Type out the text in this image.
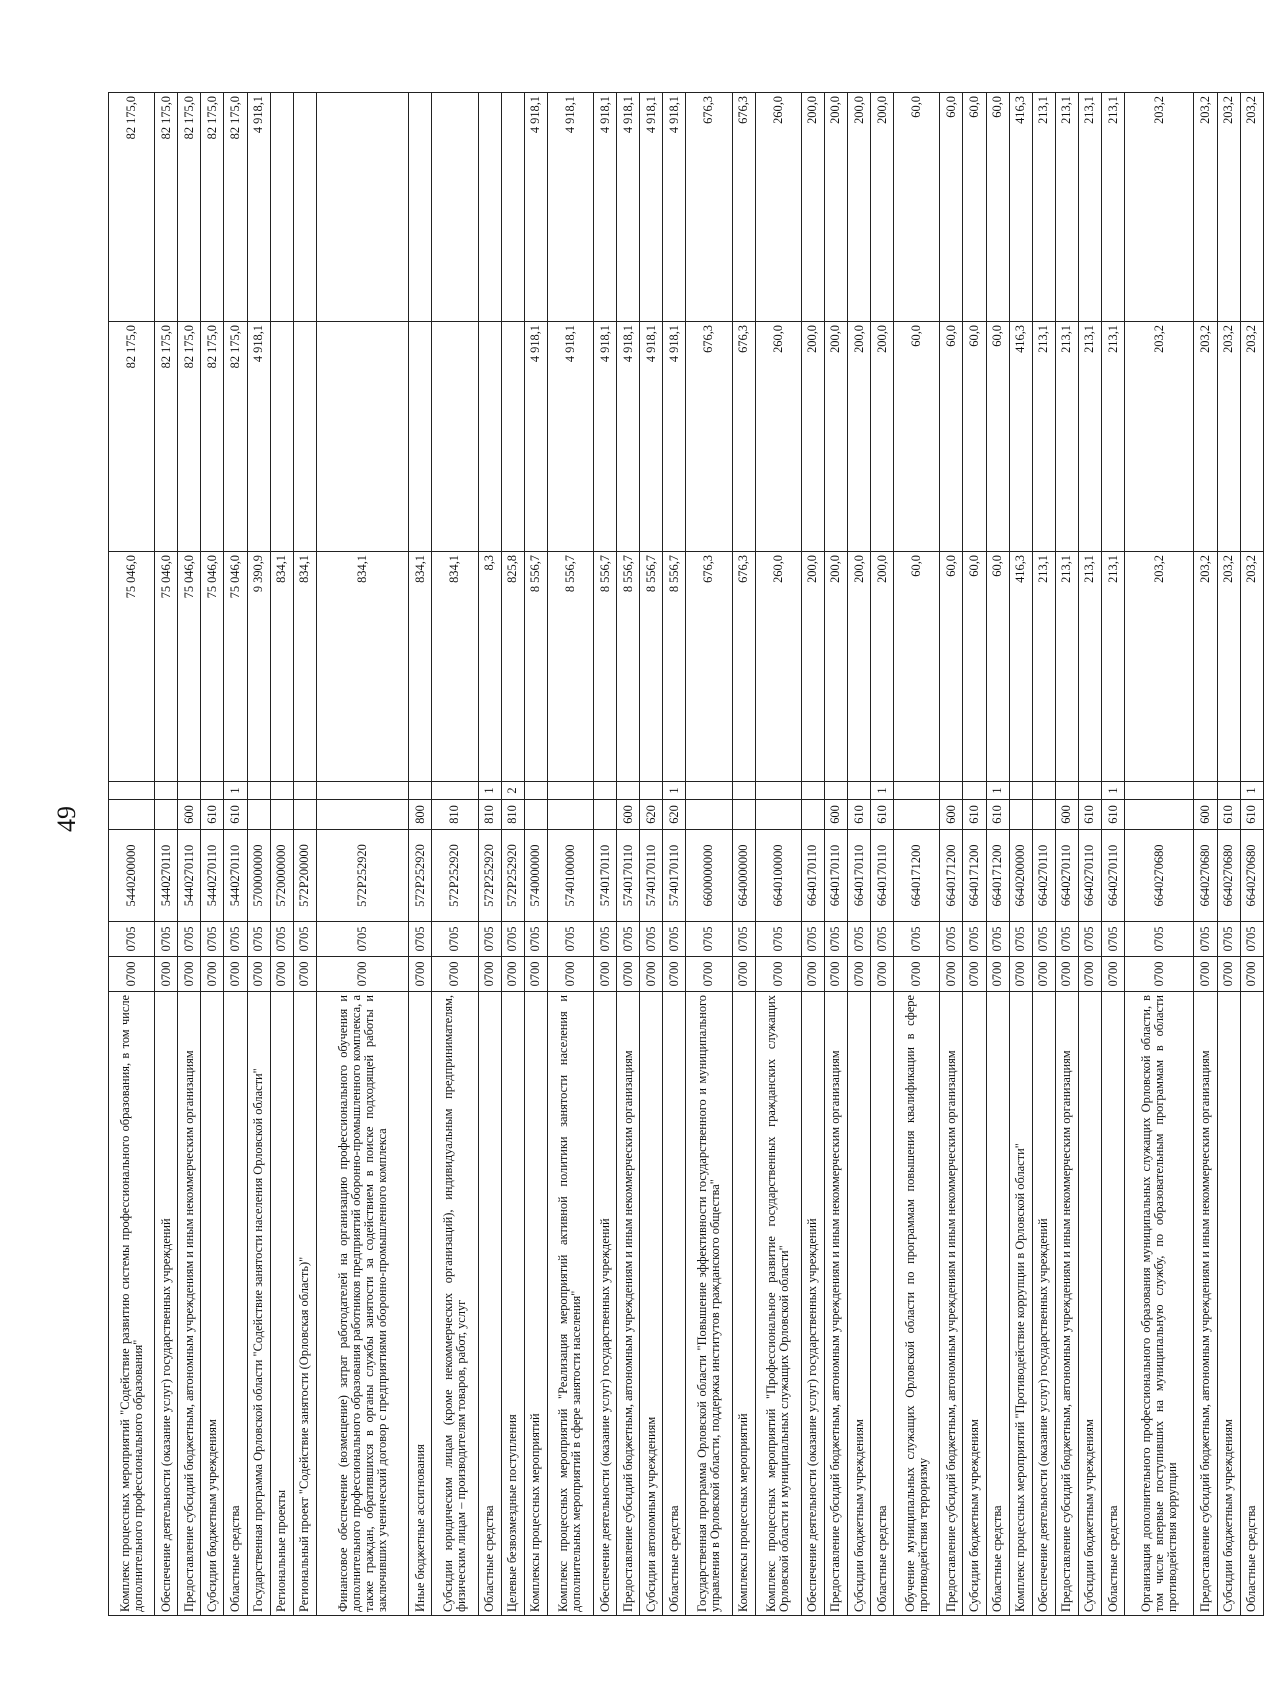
49
Комплекс процессных мероприятий "Содействие развитию системы профессионального образования, в том числе дополнительного профессионального образования"	0700	0705	5440200000			75 046,0	82 175,0	82 175,0
Обеспечение деятельности (оказание услуг) государственных учреждений	0700	0705	5440270110			75 046,0	82 175,0	82 175,0
Предоставление субсидий бюджетным, автономным учреждениям и иным некоммерческим организациям	0700	0705	5440270110	600		75 046,0	82 175,0	82 175,0
Субсидии бюджетным учреждениям	0700	0705	5440270110	610		75 046,0	82 175,0	82 175,0
Областные средства	0700	0705	5440270110	610	1	75 046,0	82 175,0	82 175,0
Государственная программа Орловской области "Содействие занятости населения Орловской области"	0700	0705	5700000000			9 390,9	4 918,1	4 918,1
Региональные проекты	0700	0705	5720000000			834,1		
Региональный проект "Содействие занятости (Орловская область)"	0700	0705	572P200000			834,1		
Финансовое обеспечение (возмещение) затрат работодателей на организацию профессионального обучения и дополнительного профессионального образования работников предприятий оборонно-промышленного комплекса, а также граждан, обратившихся в органы службы занятости за содействием в поиске подходящей работы и заключивших ученический договор с предприятиями оборонно-промышленного комплекса	0700	0705	572P252920			834,1		
Иные бюджетные ассигнования	0700	0705	572P252920	800		834,1		
Субсидии юридическим лицам (кроме некоммерческих организаций), индивидуальным предпринимателям, физическим лицам – производителям товаров, работ, услуг	0700	0705	572P252920	810		834,1		
Областные средства	0700	0705	572P252920	810	1	8,3		
Целевые безвозмездные поступления	0700	0705	572P252920	810	2	825,8		
Комплексы процессных мероприятий	0700	0705	5740000000			8 556,7	4 918,1	4 918,1
Комплекс процессных мероприятий "Реализация мероприятий активной политики занятости населения и дополнительных мероприятий в сфере занятости населения"	0700	0705	5740100000			8 556,7	4 918,1	4 918,1
Обеспечение деятельности (оказание услуг) государственных учреждений	0700	0705	5740170110			8 556,7	4 918,1	4 918,1
Предоставление субсидий бюджетным, автономным учреждениям и иным некоммерческим организациям	0700	0705	5740170110	600		8 556,7	4 918,1	4 918,1
Субсидии автономным учреждениям	0700	0705	5740170110	620		8 556,7	4 918,1	4 918,1
Областные средства	0700	0705	5740170110	620	1	8 556,7	4 918,1	4 918,1
Государственная программа Орловской области "Повышение эффективности государственного и муниципального управления в Орловской области, поддержка институтов гражданского общества"	0700	0705	6600000000			676,3	676,3	676,3
Комплексы процессных мероприятий	0700	0705	6640000000			676,3	676,3	676,3
Комплекс процессных мероприятий "Профессиональное развитие государственных гражданских служащих Орловской области и муниципальных служащих Орловской области"	0700	0705	6640100000			260,0	260,0	260,0
Обеспечение деятельности (оказание услуг) государственных учреждений	0700	0705	6640170110			200,0	200,0	200,0
Предоставление субсидий бюджетным, автономным учреждениям и иным некоммерческим организациям	0700	0705	6640170110	600		200,0	200,0	200,0
Субсидии бюджетным учреждениям	0700	0705	6640170110	610		200,0	200,0	200,0
Областные средства	0700	0705	6640170110	610	1	200,0	200,0	200,0
Обучение муниципальных служащих Орловской области по программам повышения квалификации в сфере противодействия терроризму	0700	0705	6640171200			60,0	60,0	60,0
Предоставление субсидий бюджетным, автономным учреждениям и иным некоммерческим организациям	0700	0705	6640171200	600		60,0	60,0	60,0
Субсидии бюджетным учреждениям	0700	0705	6640171200	610		60,0	60,0	60,0
Областные средства	0700	0705	6640171200	610	1	60,0	60,0	60,0
Комплекс процессных мероприятий "Противодействие коррупции в Орловской области"	0700	0705	6640200000			416,3	416,3	416,3
Обеспечение деятельности (оказание услуг) государственных учреждений	0700	0705	6640270110			213,1	213,1	213,1
Предоставление субсидий бюджетным, автономным учреждениям и иным некоммерческим организациям	0700	0705	6640270110	600		213,1	213,1	213,1
Субсидии бюджетным учреждениям	0700	0705	6640270110	610		213,1	213,1	213,1
Областные средства	0700	0705	6640270110	610	1	213,1	213,1	213,1
Организация дополнительного профессионального образования муниципальных служащих Орловской области, в том числе впервые поступивших на муниципальную службу, по образовательным программам в области противодействия коррупции	0700	0705	6640270680			203,2	203,2	203,2
Предоставление субсидий бюджетным, автономным учреждениям и иным некоммерческим организациям	0700	0705	6640270680	600		203,2	203,2	203,2
Субсидии бюджетным учреждениям	0700	0705	6640270680	610		203,2	203,2	203,2
Областные средства	0700	0705	6640270680	610	1	203,2	203,2	203,2
